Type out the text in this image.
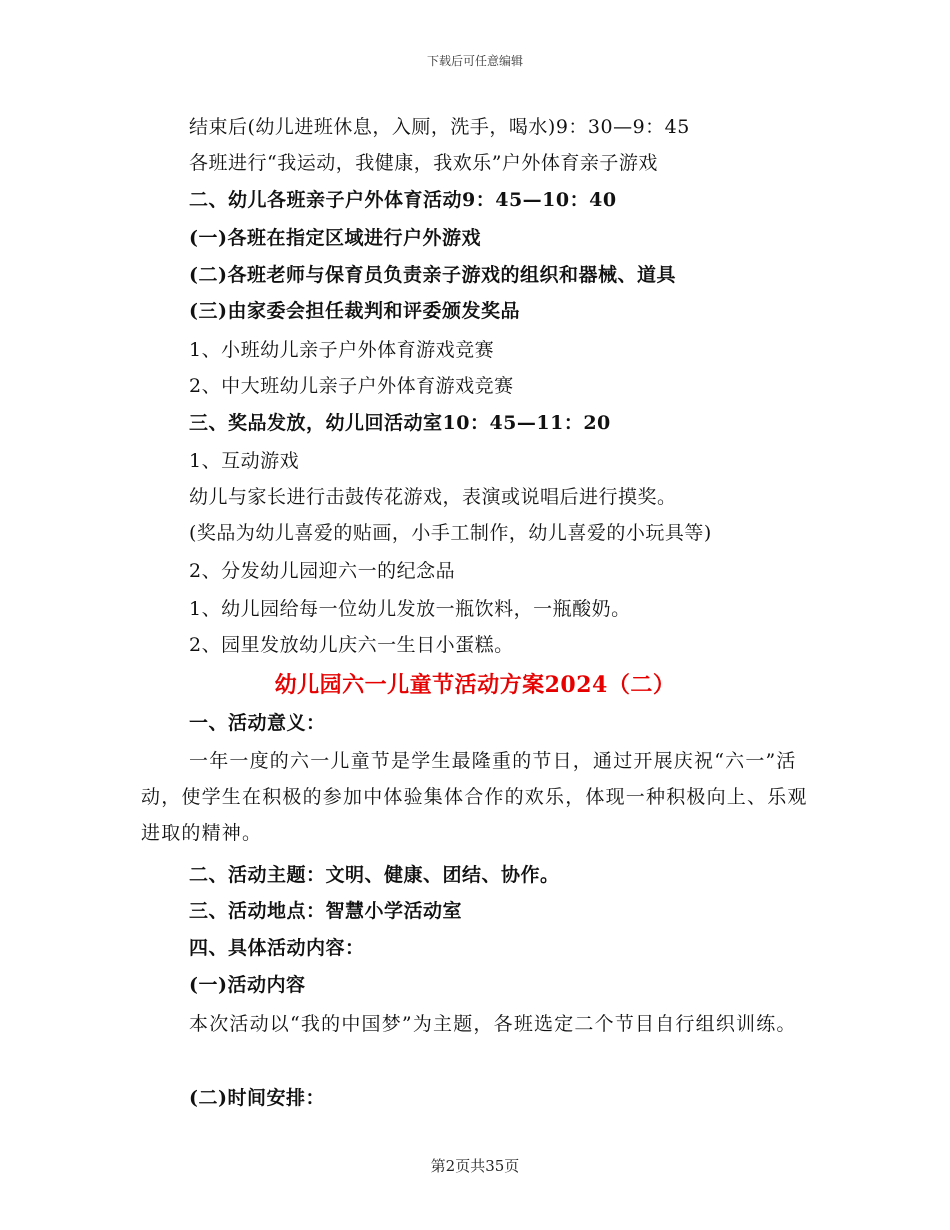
下载后可任意编辑
结束后(幼儿进班休息，入厕，洗手，喝水)9：30—9：45
各班进行“我运动，我健康，我欢乐”户外体育亲子游戏
二、幼儿各班亲子户外体育活动9：45—10：40
(一)各班在指定区域进行户外游戏
(二)各班老师与保育员负责亲子游戏的组织和器械、道具
(三)由家委会担任裁判和评委颁发奖品
1、小班幼儿亲子户外体育游戏竞赛
2、中大班幼儿亲子户外体育游戏竞赛
三、奖品发放，幼儿回活动室10：45—11：20
1、互动游戏
幼儿与家长进行击鼓传花游戏，表演或说唱后进行摸奖。
(奖品为幼儿喜爱的贴画，小手工制作，幼儿喜爱的小玩具等)
2、分发幼儿园迎六一的纪念品
1、幼儿园给每一位幼儿发放一瓶饮料，一瓶酸奶。
2、园里发放幼儿庆六一生日小蛋糕。
幼儿园六一儿童节活动方案2024（二）
一、活动意义：
一年一度的六一儿童节是学生最隆重的节日，通过开展庆祝“六一”活动，使学生在积极的参加中体验集体合作的欢乐，体现一种积极向上、乐观进取的精神。
二、活动主题：文明、健康、团结、协作。
三、活动地点：智慧小学活动室
四、具体活动内容：
(一)活动内容
本次活动以“我的中国梦”为主题，各班选定二个节目自行组织训练。
(二)时间安排：
第2页共35页
